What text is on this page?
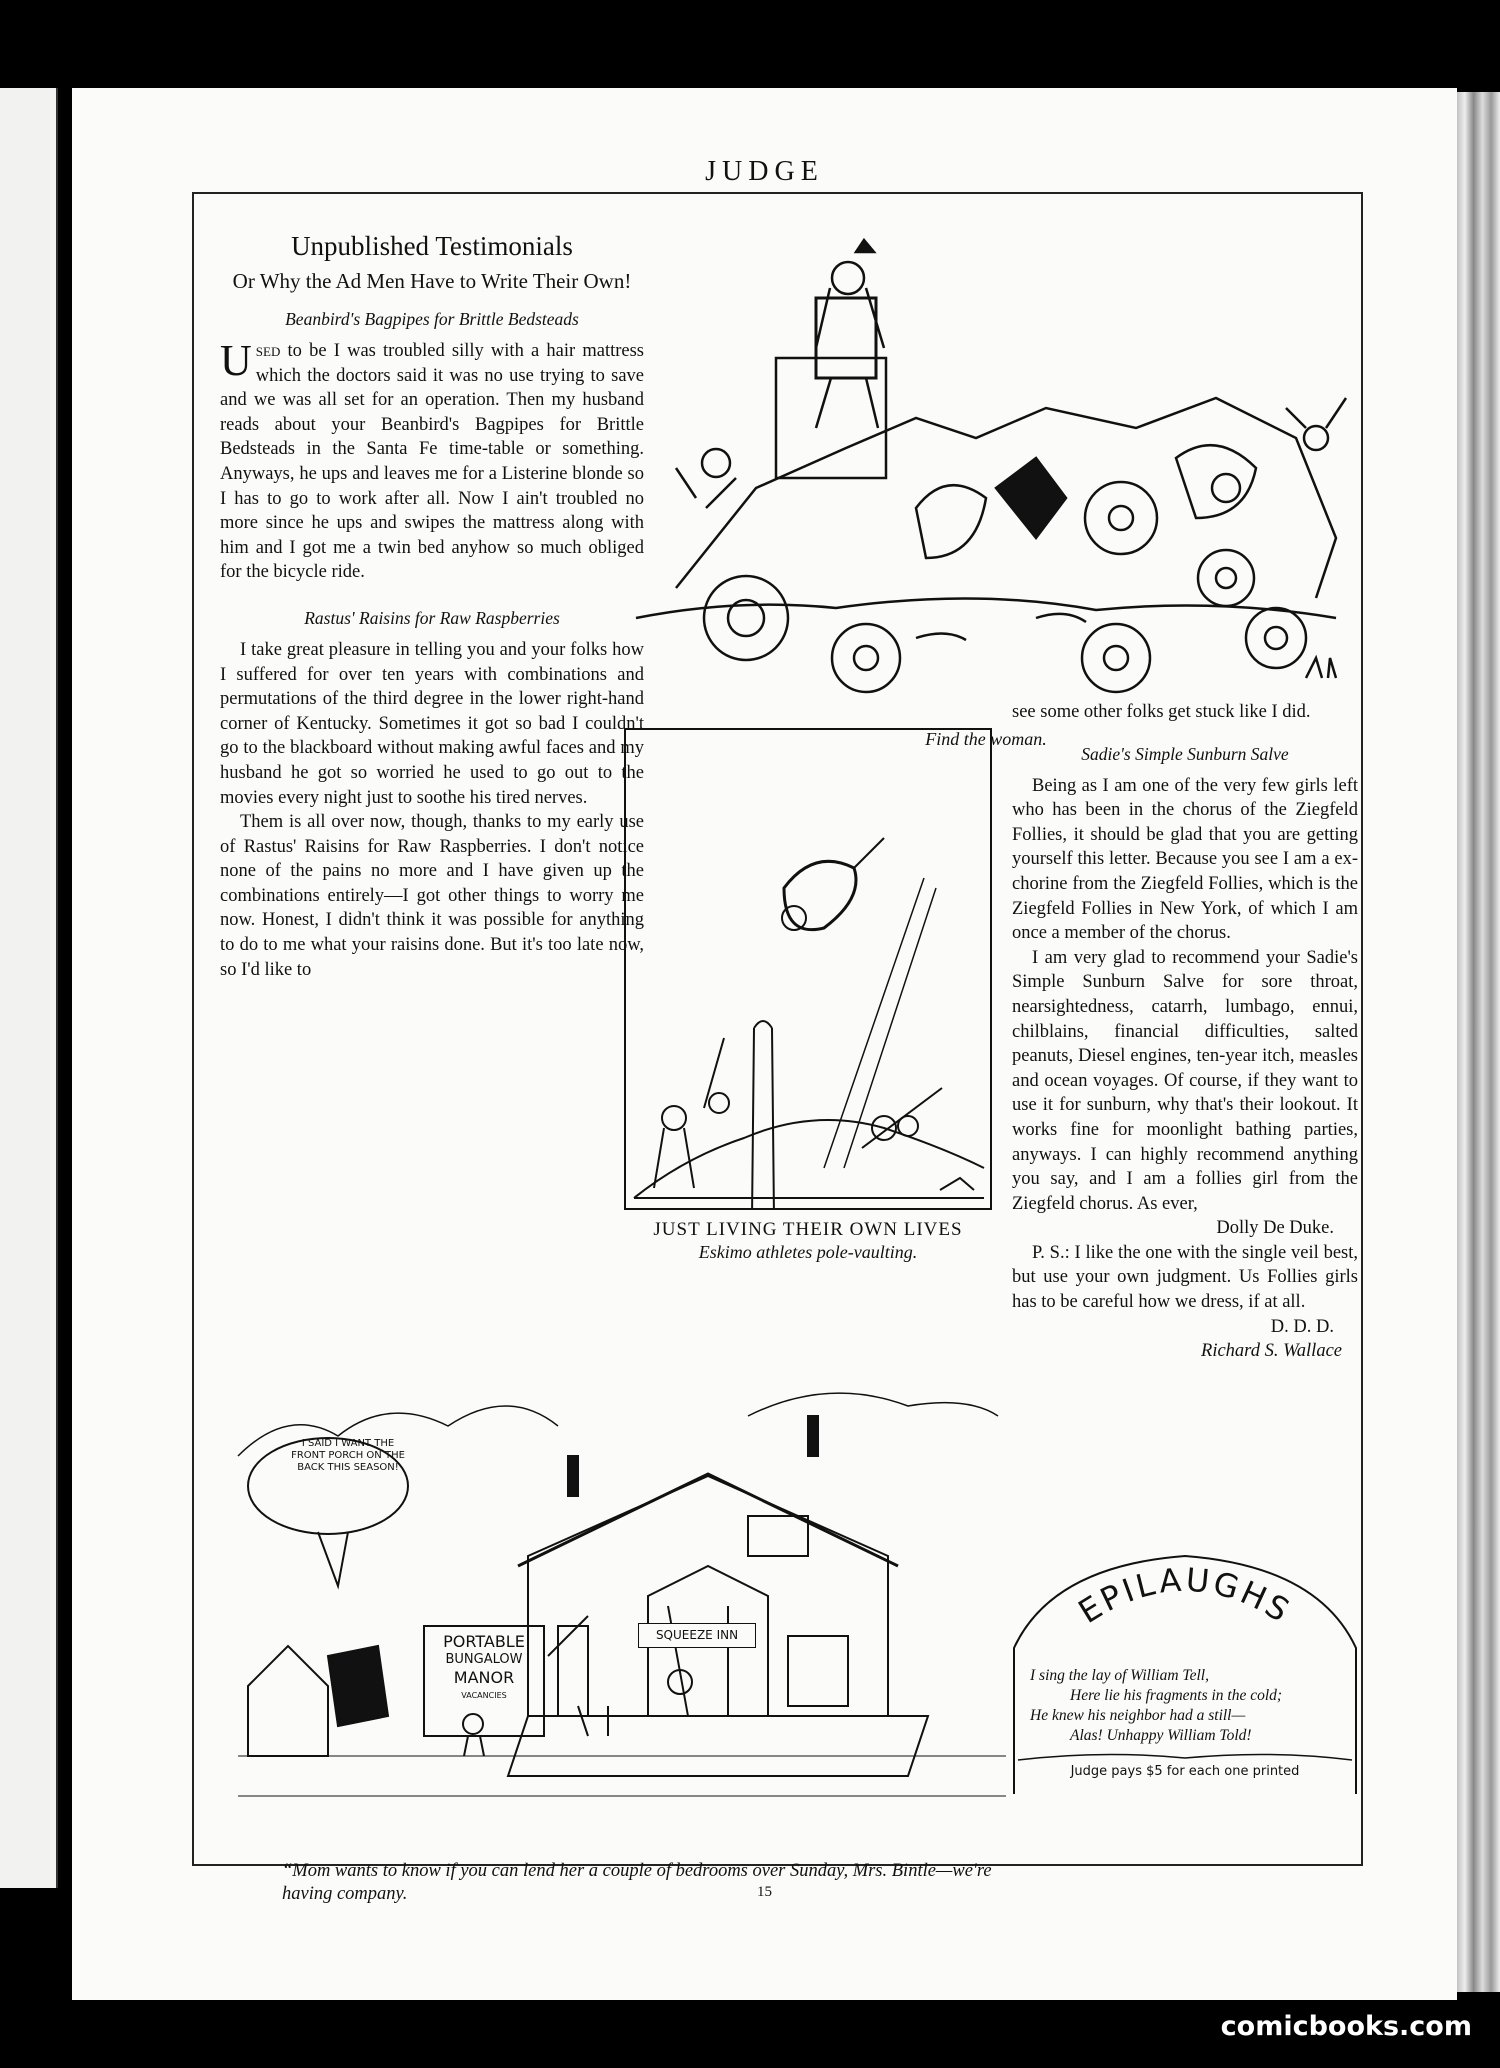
JUDGE
Unpublished Testimonials
Or Why the Ad Men Have to Write Their Own!
Beanbird's Bagpipes for Brittle Bedsteads

Used to be I was troubled silly with a hair mattress which the doctors said it was no use trying to save and we was all set for an operation. Then my husband reads about your Beanbird's Bagpipes for Brittle Bedsteads in the Santa Fe time-table or something. Anyways, he ups and leaves me for a Listerine blonde so I has to go to work after all. Now I ain't troubled no more since he ups and swipes the mattress along with him and I got me a twin bed anyhow so much obliged for the bicycle ride.

Rastus' Raisins for Raw Raspberries

I take great pleasure in telling you and your folks how I suffered for over ten years with combinations and permutations of the third degree in the lower right-hand corner of Kentucky. Sometimes it got so bad I couldn't go to the blackboard without making awful faces and my husband he got so worried he used to go out to the movies every night just to soothe his tired nerves.

Them is all over now, though, thanks to my early use of Rastus' Raisins for Raw Raspberries. I don't notice none of the pains no more and I have given up the combinations entirely—I got other things to worry me now. Honest, I didn't think it was possible for anything to do to me what your raisins done. But it's too late now, so I'd like to

see some other folks get stuck like I did.

Sadie's Simple Sunburn Salve

Being as I am one of the very few girls left who has been in the chorus of the Ziegfeld Follies, it should be glad that you are getting yourself this letter. Because you see I am a ex-chorine from the Ziegfeld Follies, which is the Ziegfeld Follies in New York, of which I am once a member of the chorus.

I am very glad to recommend your Sadie's Simple Sunburn Salve for sore throat, nearsightedness, catarrh, lumbago, ennui, chilblains, financial difficulties, salted peanuts, Diesel engines, ten-year itch, measles and ocean voyages. Of course, if they want to use it for sunburn, why that's their lookout. It works fine for moonlight bathing parties, anyways. I can highly recommend anything you say, and I am a follies girl from the Ziegfeld chorus. As ever,

Dolly De Duke.

P. S.: I like the one with the single veil best, but use your own judgment. Us Follies girls has to be careful how we dress, if at all.

D. D. D.
Richard S. Wallace
Find the woman.
JUST LIVING THEIR OWN LIVES
Eskimo athletes pole-vaulting.
I SAID I WANT THE FRONT PORCH ON THE BACK THIS SEASON!
PORTABLE
BUNGALOW
MANOR
VACANCIES
SQUEEZE INN
“Mom wants to know if you can lend her a couple of bedrooms over Sunday, Mrs. Bintle—we're having company.
EPILAUGHS
I sing the lay of William Tell,
Here lie his fragments in the cold;
He knew his neighbor had a still—
Alas! Unhappy William Told!
Judge pays $5 for each one printed
15
comicbooks.com
